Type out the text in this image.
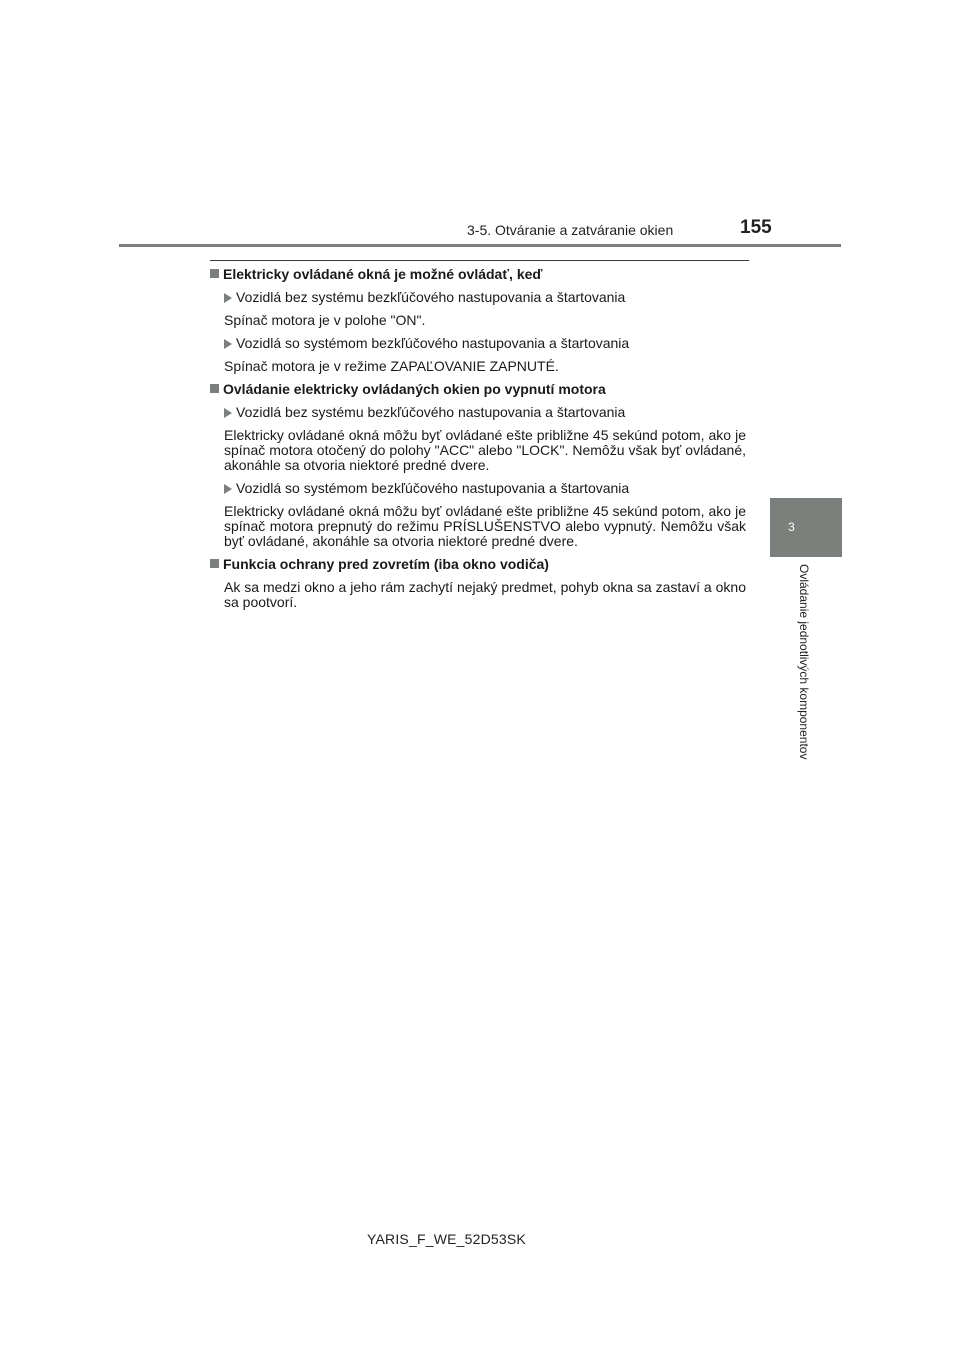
3-5. Otváranie a zatváranie okien	155
Elektricky ovládané okná je možné ovládať, keď
Vozidlá bez systému bezkľúčového nastupovania a štartovania
Spínač motora je v polohe "ON".
Vozidlá so systémom bezkľúčového nastupovania a štartovania
Spínač motora je v režime ZAPAĽOVANIE ZAPNUTÉ.
Ovládanie elektricky ovládaných okien po vypnutí motora
Vozidlá bez systému bezkľúčového nastupovania a štartovania
Elektricky ovládané okná môžu byť ovládané ešte približne 45 sekúnd potom, ako je spínač motora otočený do polohy "ACC" alebo "LOCK". Nemôžu však byť ovládané, akonáhle sa otvoria niektoré predné dvere.
Vozidlá so systémom bezkľúčového nastupovania a štartovania
Elektricky ovládané okná môžu byť ovládané ešte približne 45 sekúnd potom, ako je spínač motora prepnutý do režimu PRÍSLUŠENSTVO alebo vypnutý. Nemôžu však byť ovládané, akonáhle sa otvoria niektoré predné dvere.
Funkcia ochrany pred zovretím (iba okno vodiča)
Ak sa medzi okno a jeho rám zachytí nejaký predmet, pohyb okna sa zastaví a okno sa pootvorí.
3
Ovládanie jednotlivých komponentov
YARIS_F_WE_52D53SK
